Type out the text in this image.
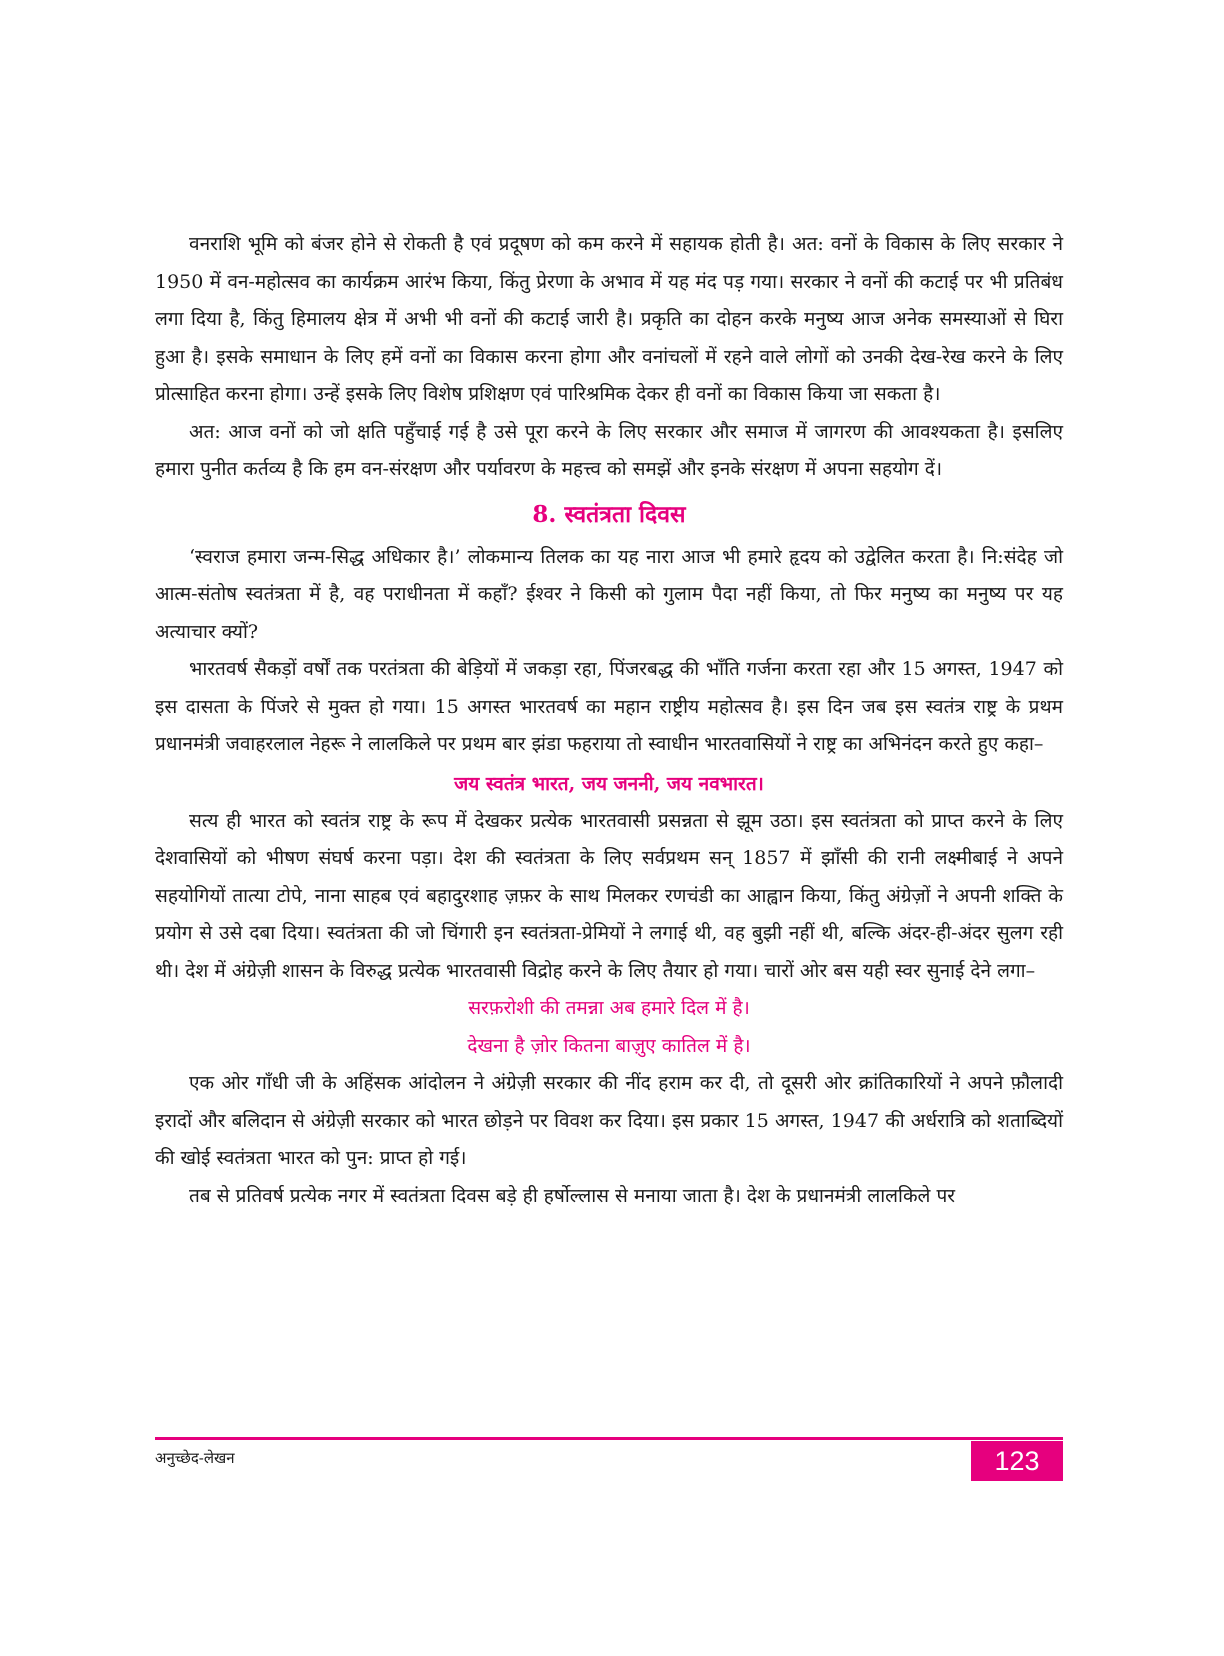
वनराशि भूमि को बंजर होने से रोकती है एवं प्रदूषण को कम करने में सहायक होती है। अत: वनों के विकास के लिए सरकार ने 1950 में वन-महोत्सव का कार्यक्रम आरंभ किया, किंतु प्रेरणा के अभाव में यह मंद पड़ गया। सरकार ने वनों की कटाई पर भी प्रतिबंध लगा दिया है, किंतु हिमालय क्षेत्र में अभी भी वनों की कटाई जारी है। प्रकृति का दोहन करके मनुष्य आज अनेक समस्याओं से घिरा हुआ है। इसके समाधान के लिए हमें वनों का विकास करना होगा और वनांचलों में रहने वाले लोगों को उनकी देख-रेख करने के लिए प्रोत्साहित करना होगा। उन्हें इसके लिए विशेष प्रशिक्षण एवं पारिश्रमिक देकर ही वनों का विकास किया जा सकता है।

अत: आज वनों को जो क्षति पहुँचाई गई है उसे पूरा करने के लिए सरकार और समाज में जागरण की आवश्यकता है। इसलिए हमारा पुनीत कर्तव्य है कि हम वन-संरक्षण और पर्यावरण के महत्त्व को समझें और इनके संरक्षण में अपना सहयोग दें।

8. स्वतंत्रता दिवस

‘स्वराज हमारा जन्म-सिद्ध अधिकार है।’ लोकमान्य तिलक का यह नारा आज भी हमारे हृदय को उद्वेलित करता है। नि:संदेह जो आत्म-संतोष स्वतंत्रता में है, वह पराधीनता में कहाँ? ईश्वर ने किसी को गुलाम पैदा नहीं किया, तो फिर मनुष्य का मनुष्य पर यह अत्याचार क्यों?

भारतवर्ष सैकड़ों वर्षों तक परतंत्रता की बेड़ियों में जकड़ा रहा, पिंजरबद्ध की भाँति गर्जना करता रहा और 15 अगस्त, 1947 को इस दासता के पिंजरे से मुक्त हो गया। 15 अगस्त भारतवर्ष का महान राष्ट्रीय महोत्सव है। इस दिन जब इस स्वतंत्र राष्ट्र के प्रथम प्रधानमंत्री जवाहरलाल नेहरू ने लालकिले पर प्रथम बार झंडा फहराया तो स्वाधीन भारतवासियों ने राष्ट्र का अभिनंदन करते हुए कहा–

जय स्वतंत्र भारत, जय जननी, जय नवभारत।

सत्य ही भारत को स्वतंत्र राष्ट्र के रूप में देखकर प्रत्येक भारतवासी प्रसन्नता से झूम उठा। इस स्वतंत्रता को प्राप्त करने के लिए देशवासियों को भीषण संघर्ष करना पड़ा। देश की स्वतंत्रता के लिए सर्वप्रथम सन् 1857 में झाँसी की रानी लक्ष्मीबाई ने अपने सहयोगियों तात्या टोपे, नाना साहब एवं बहादुरशाह ज़फ़र के साथ मिलकर रणचंडी का आह्वान किया, किंतु अंग्रेज़ों ने अपनी शक्ति के प्रयोग से उसे दबा दिया। स्वतंत्रता की जो चिंगारी इन स्वतंत्रता-प्रेमियों ने लगाई थी, वह बुझी नहीं थी, बल्कि अंदर-ही-अंदर सुलग रही थी। देश में अंग्रेज़ी शासन के विरुद्ध प्रत्येक भारतवासी विद्रोह करने के लिए तैयार हो गया। चारों ओर बस यही स्वर सुनाई देने लगा–

सरफ़रोशी की तमन्ना अब हमारे दिल में है।

देखना है ज़ोर कितना बाज़ुए कातिल में है।

एक ओर गाँधी जी के अहिंसक आंदोलन ने अंग्रेज़ी सरकार की नींद हराम कर दी, तो दूसरी ओर क्रांतिकारियों ने अपने फ़ौलादी इरादों और बलिदान से अंग्रेज़ी सरकार को भारत छोड़ने पर विवश कर दिया। इस प्रकार 15 अगस्त, 1947 की अर्धरात्रि को शताब्दियों की खोई स्वतंत्रता भारत को पुन: प्राप्त हो गई।

तब से प्रतिवर्ष प्रत्येक नगर में स्वतंत्रता दिवस बड़े ही हर्षोल्लास से मनाया जाता है। देश के प्रधानमंत्री लालकिले पर

अनुच्छेद-लेखन	123
